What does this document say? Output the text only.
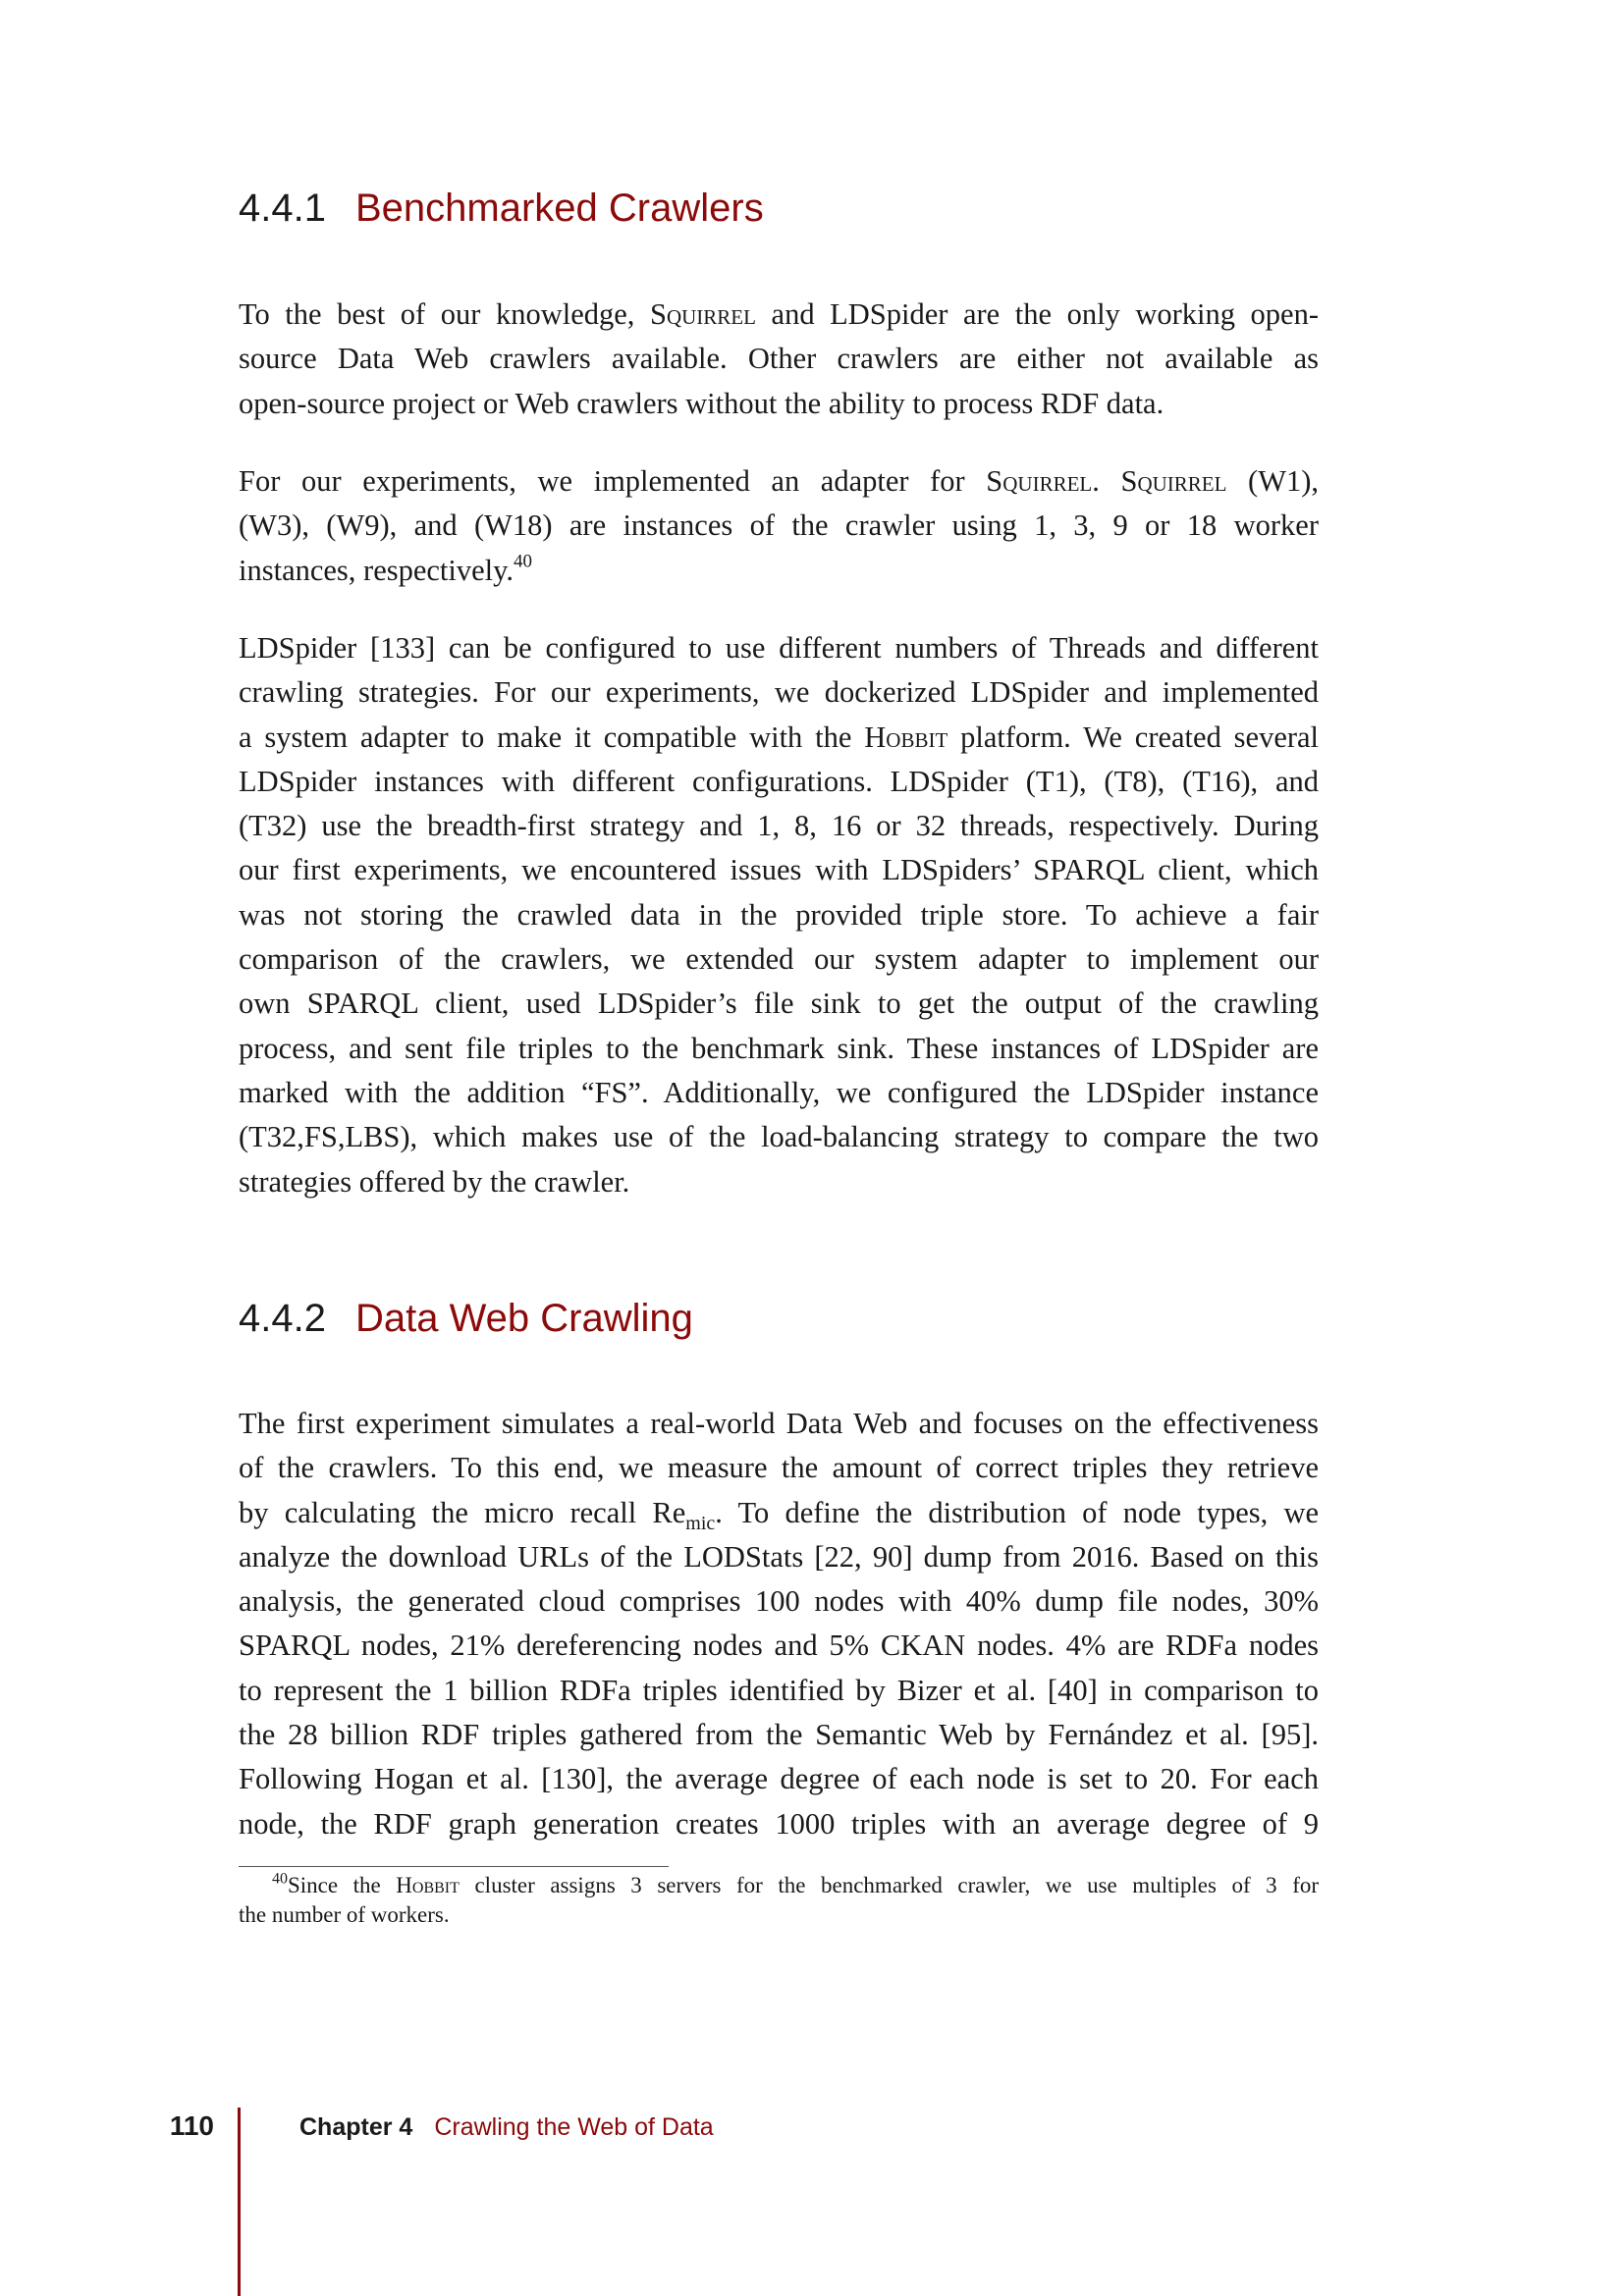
4.4.1 Benchmarked Crawlers
To the best of our knowledge, Squirrel and LDSpider are the only working open-
source Data Web crawlers available. Other crawlers are either not available as
open-source project or Web crawlers without the ability to process RDF data.
For our experiments, we implemented an adapter for Squirrel. Squirrel (W1),
(W3), (W9), and (W18) are instances of the crawler using 1, 3, 9 or 18 worker
instances, respectively.$^{40}$
LDSpider [133] can be configured to use different numbers of Threads and different
crawling strategies. For our experiments, we dockerized LDSpider and implemented
a system adapter to make it compatible with the Hobbit platform. We created several
LDSpider instances with different configurations. LDSpider (T1), (T8), (T16), and
(T32) use the breadth-first strategy and 1, 8, 16 or 32 threads, respectively. During
our first experiments, we encountered issues with LDSpiders’ SPARQL client, which
was not storing the crawled data in the provided triple store. To achieve a fair
comparison of the crawlers, we extended our system adapter to implement our
own SPARQL client, used LDSpider’s file sink to get the output of the crawling
process, and sent file triples to the benchmark sink. These instances of LDSpider are
marked with the addition “FS”. Additionally, we configured the LDSpider instance
(T32,FS,LBS), which makes use of the load-balancing strategy to compare the two
strategies offered by the crawler.
4.4.2 Data Web Crawling
The first experiment simulates a real-world Data Web and focuses on the effectiveness
of the crawlers. To this end, we measure the amount of correct triples they retrieve
by calculating the micro recall $Re_{mic}$. To define the distribution of node types, we
analyze the download URLs of the LODStats [22, 90] dump from 2016. Based on this
analysis, the generated cloud comprises 100 nodes with 40% dump file nodes, 30%
SPARQL nodes, 21% dereferencing nodes and 5% CKAN nodes. 4% are RDFa nodes
to represent the 1 billion RDFa triples identified by Bizer et al. [40] in comparison to
the 28 billion RDF triples gathered from the Semantic Web by Fernández et al. [95].
Following Hogan et al. [130], the average degree of each node is set to 20. For each
node, the RDF graph generation creates 1000 triples with an average degree of 9
$^{40}$Since the Hobbit cluster assigns 3 servers for the benchmarked crawler, we use multiples of 3 for
the number of workers.
110	Chapter 4 Crawling the Web of Data
